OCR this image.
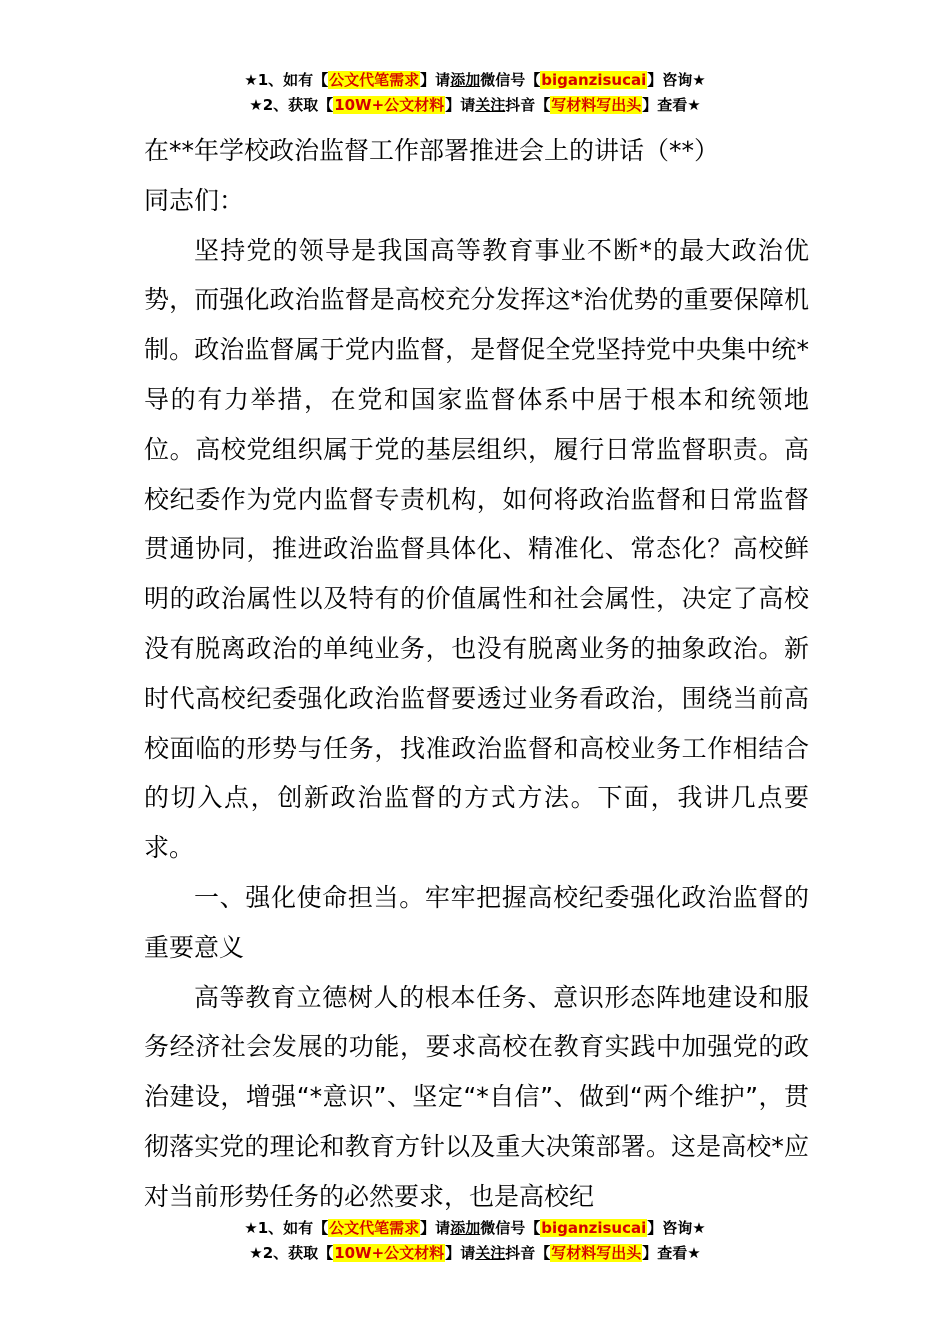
★1、如有【公文代笔需求】请添加微信号【biganzisucai】咨询★
★2、获取【10W+公文材料】请关注抖音【写材料写出头】查看★

在**年学校政治监督工作部署推进会上的讲话（**）

同志们：

坚持党的领导是我国高等教育事业不断*的最大政治优势，而强化政治监督是高校充分发挥这*治优势的重要保障机制。政治监督属于党内监督，是督促全党坚持党中央集中统*导的有力举措，在党和国家监督体系中居于根本和统领地位。高校党组织属于党的基层组织，履行日常监督职责。高校纪委作为党内监督专责机构，如何将政治监督和日常监督贯通协同，推进政治监督具体化、精准化、常态化？高校鲜明的政治属性以及特有的价值属性和社会属性，决定了高校没有脱离政治的单纯业务，也没有脱离业务的抽象政治。新时代高校纪委强化政治监督要透过业务看政治，围绕当前高校面临的形势与任务，找准政治监督和高校业务工作相结合的切入点，创新政治监督的方式方法。下面，我讲几点要求。

一、强化使命担当。牢牢把握高校纪委强化政治监督的重要意义

高等教育立德树人的根本任务、意识形态阵地建设和服务经济社会发展的功能，要求高校在教育实践中加强党的政治建设，增强“*意识”、坚定“*自信”、做到“两个维护”，贯彻落实党的理论和教育方针以及重大决策部署。这是高校*应对当前形势任务的必然要求，也是高校纪

★1、如有【公文代笔需求】请添加微信号【biganzisucai】咨询★
★2、获取【10W+公文材料】请关注抖音【写材料写出头】查看★
